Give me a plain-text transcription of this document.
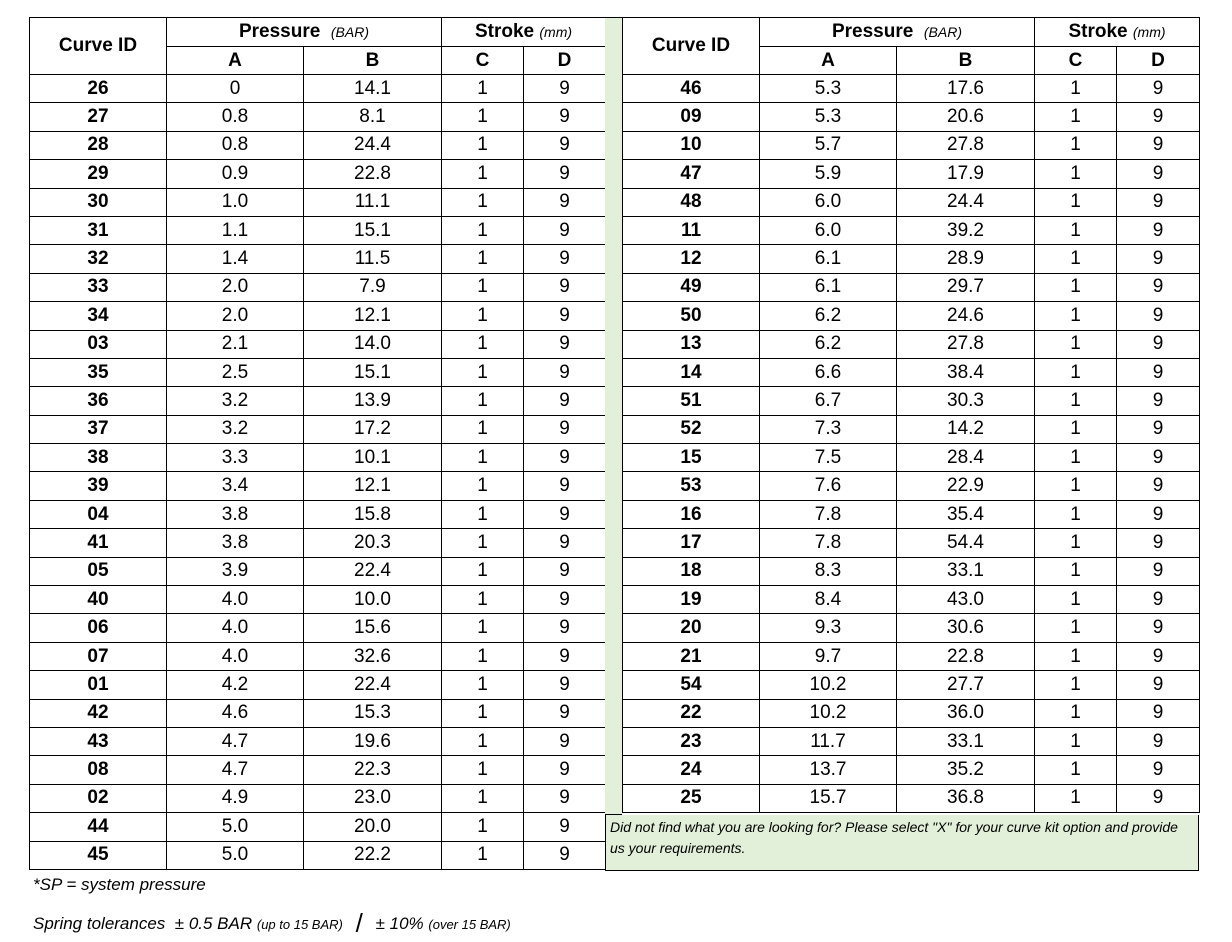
Curve ID	Pressure (BAR)		Stroke (mm)	
	A	B	C	D
26	0	14.1	1	9
27	0.8	8.1	1	9
28	0.8	24.4	1	9
29	0.9	22.8	1	9
30	1.0	11.1	1	9
31	1.1	15.1	1	9
32	1.4	11.5	1	9
33	2.0	7.9	1	9
34	2.0	12.1	1	9
03	2.1	14.0	1	9
35	2.5	15.1	1	9
36	3.2	13.9	1	9
37	3.2	17.2	1	9
38	3.3	10.1	1	9
39	3.4	12.1	1	9
04	3.8	15.8	1	9
41	3.8	20.3	1	9
05	3.9	22.4	1	9
40	4.0	10.0	1	9
06	4.0	15.6	1	9
07	4.0	32.6	1	9
01	4.2	22.4	1	9
42	4.6	15.3	1	9
43	4.7	19.6	1	9
08	4.7	22.3	1	9
02	4.9	23.0	1	9
44	5.0	20.0	1	9
45	5.0	22.2	1	9
Curve ID	Pressure (BAR)		Stroke (mm)	
	A	B	C	D
46	5.3	17.6	1	9
09	5.3	20.6	1	9
10	5.7	27.8	1	9
47	5.9	17.9	1	9
48	6.0	24.4	1	9
11	6.0	39.2	1	9
12	6.1	28.9	1	9
49	6.1	29.7	1	9
50	6.2	24.6	1	9
13	6.2	27.8	1	9
14	6.6	38.4	1	9
51	6.7	30.3	1	9
52	7.3	14.2	1	9
15	7.5	28.4	1	9
53	7.6	22.9	1	9
16	7.8	35.4	1	9
17	7.8	54.4	1	9
18	8.3	33.1	1	9
19	8.4	43.0	1	9
20	9.3	30.6	1	9
21	9.7	22.8	1	9
54	10.2	27.7	1	9
22	10.2	36.0	1	9
23	11.7	33.1	1	9
24	13.7	35.2	1	9
25	15.7	36.8	1	9
Did not find what you are looking for? Please select "X" for your curve kit option and provide us your requirements.
*SP = system pressure
Spring tolerances ± 0.5 BAR (up to 15 BAR) / ± 10% (over 15 BAR)
